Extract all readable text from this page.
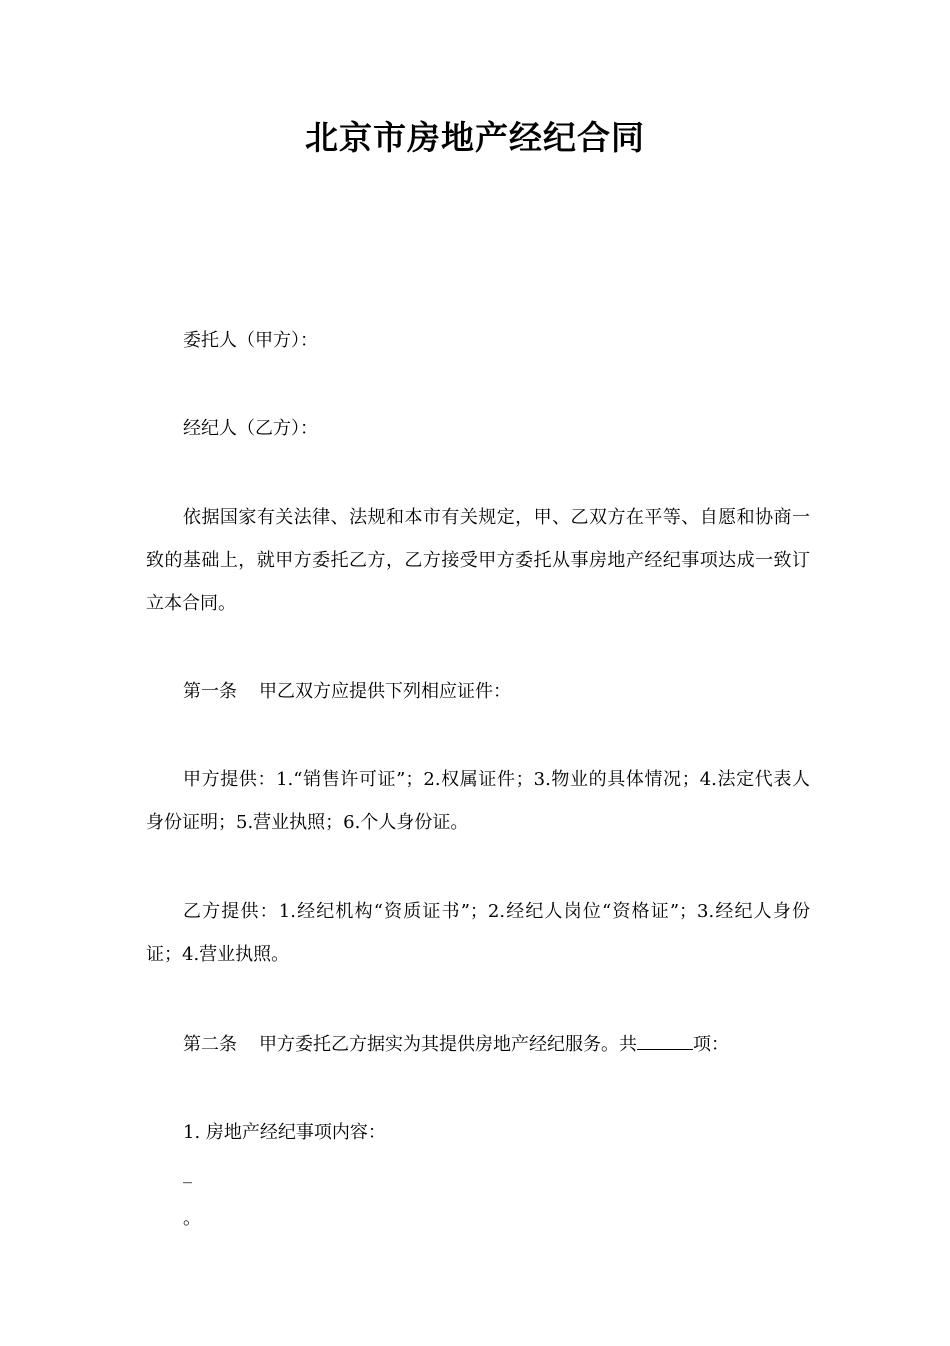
北京市房地产经纪合同

委托人（甲方）：

经纪人（乙方）：

依据国家有关法律、法规和本市有关规定，甲、乙双方在平等、自愿和协商一致的基础上，就甲方委托乙方，乙方接受甲方委托从事房地产经纪事项达成一致订立本合同。

第一条 甲乙双方应提供下列相应证件：

甲方提供：1.“销售许可证”；2.权属证件；3.物业的具体情况；4.法定代表人身份证明；5.营业执照；6.个人身份证。

乙方提供：1.经纪机构“资质证书”；2.经纪人岗位“资格证”；3.经纪人身份证；4.营业执照。

第二条 甲方委托乙方据实为其提供房地产经纪服务。共	项：

1. 房地产经纪事项内容：

_

。
